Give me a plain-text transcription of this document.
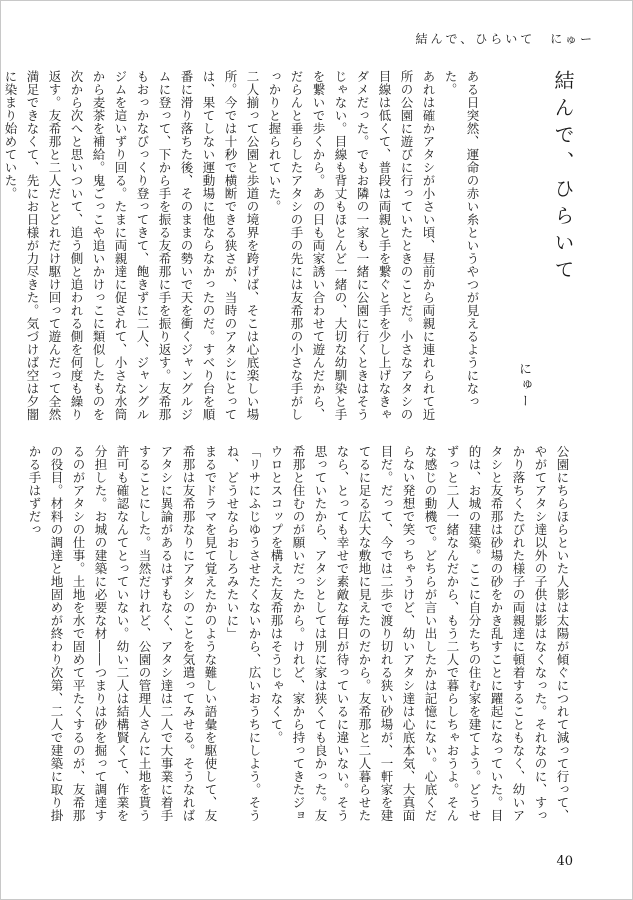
結んで、ひらいて　にゅー
結んで、ひらいて
にゅー

ある日突然、運命の赤い糸というやつが見えるようになった。

あれは確かアタシが小さい頃、昼前から両親に連れられて近所の公園に遊びに行っていたときのことだ。小さなアタシの目線は低くて、普段は両親と手を繋ぐと手を少し上げなきゃダメだった。でもお隣の一家も一緒に公園に行くときはそうじゃない。目線も背丈もほとんど一緒の、大切な幼馴染と手を繋いで歩くから。あの日も両家誘い合わせて遊んだから、だらんと垂らしたアタシの手の先には友希那の小さな手がしっかりと握られていた。

二人揃って公園と歩道の境界を跨げば、そこは心底楽しい場所。今では十秒で横断できる狭さが、当時のアタシにとっては、果てしない運動場に他ならなかったのだ。すべり台を順番に滑り落ちた後、そのままの勢いで天を衝くジャングルジムに登って、下から手を振る友希那に手を振り返す。友希那もおっかなびっくり登ってきて、飽きずに二人、ジャングルジムを這いずり回る。たまに両親達に促されて、小さな水筒から麦茶を補給。鬼ごっこや追いかけっこに類似したものを次から次へと思いついて、追う側と追われる側を何度も繰り返す。友希那と二人だとどれだけ駆け回って遊んだって全然満足できなくて、先にお日様が力尽きた。気づけば空は夕闇に染まり始めていた。

公園にちらほらといた人影は太陽が傾ぐにつれて減って行って、やがてアタシ達以外の子供は影はなくなった。それなのに、すっかり落ちくたびれた様子の両親達に頓着することもなく、幼いアタシと友希那は砂場の砂をかき乱すことに躍起になっていた。目的は、お城の建築。ここに自分たちの住む家を建てよう。どうせずっと二人一緒なんだから、もう二人で暮らしちゃおうよ。そんな感じの動機で。どちらが言い出したかは記憶にない。心底くだらない発想で笑っちゃうけど、幼いアタシ達は心底本気、大真面目だ。だって、今では二歩で渡り切れる狭い砂場が、一軒家を建てるに足る広大な敷地に見えたのだから。友希那と二人暮らせたなら、とっても幸せで素敵な毎日が待っているに違いない。そう思っていたから、アタシとしては別に家は狭くても良かった。友希那と住むのが願いだったから。けれど、家から持ってきたジョウロとスコップを構えた友希那はそうじゃなくて。

「リサにふじゆうさせたくないから、広いおうちにしよう。そうね、どうせならおしろみたいに」

まるでドラマを見て覚えたかのような難しい語彙を駆使して、友希那は友希那なりにアタシのことを気遣ってみせる。そうなればアタシに異論があるはずもなく、アタシ達は二人で大事業に着手することにした。当然だけれど、公園の管理人さんに土地を貰う許可も確認なんてとっていない。幼い二人は結構賢くて、作業を分担した。お城の建築に必要な材――つまりは砂を掘って調達するのがアタシの仕事。土地を水で固めて平たくするのが、友希那の役目。材料の調達と地固めが終わり次第、二人で建築に取り掛かる手はずだっ

40
